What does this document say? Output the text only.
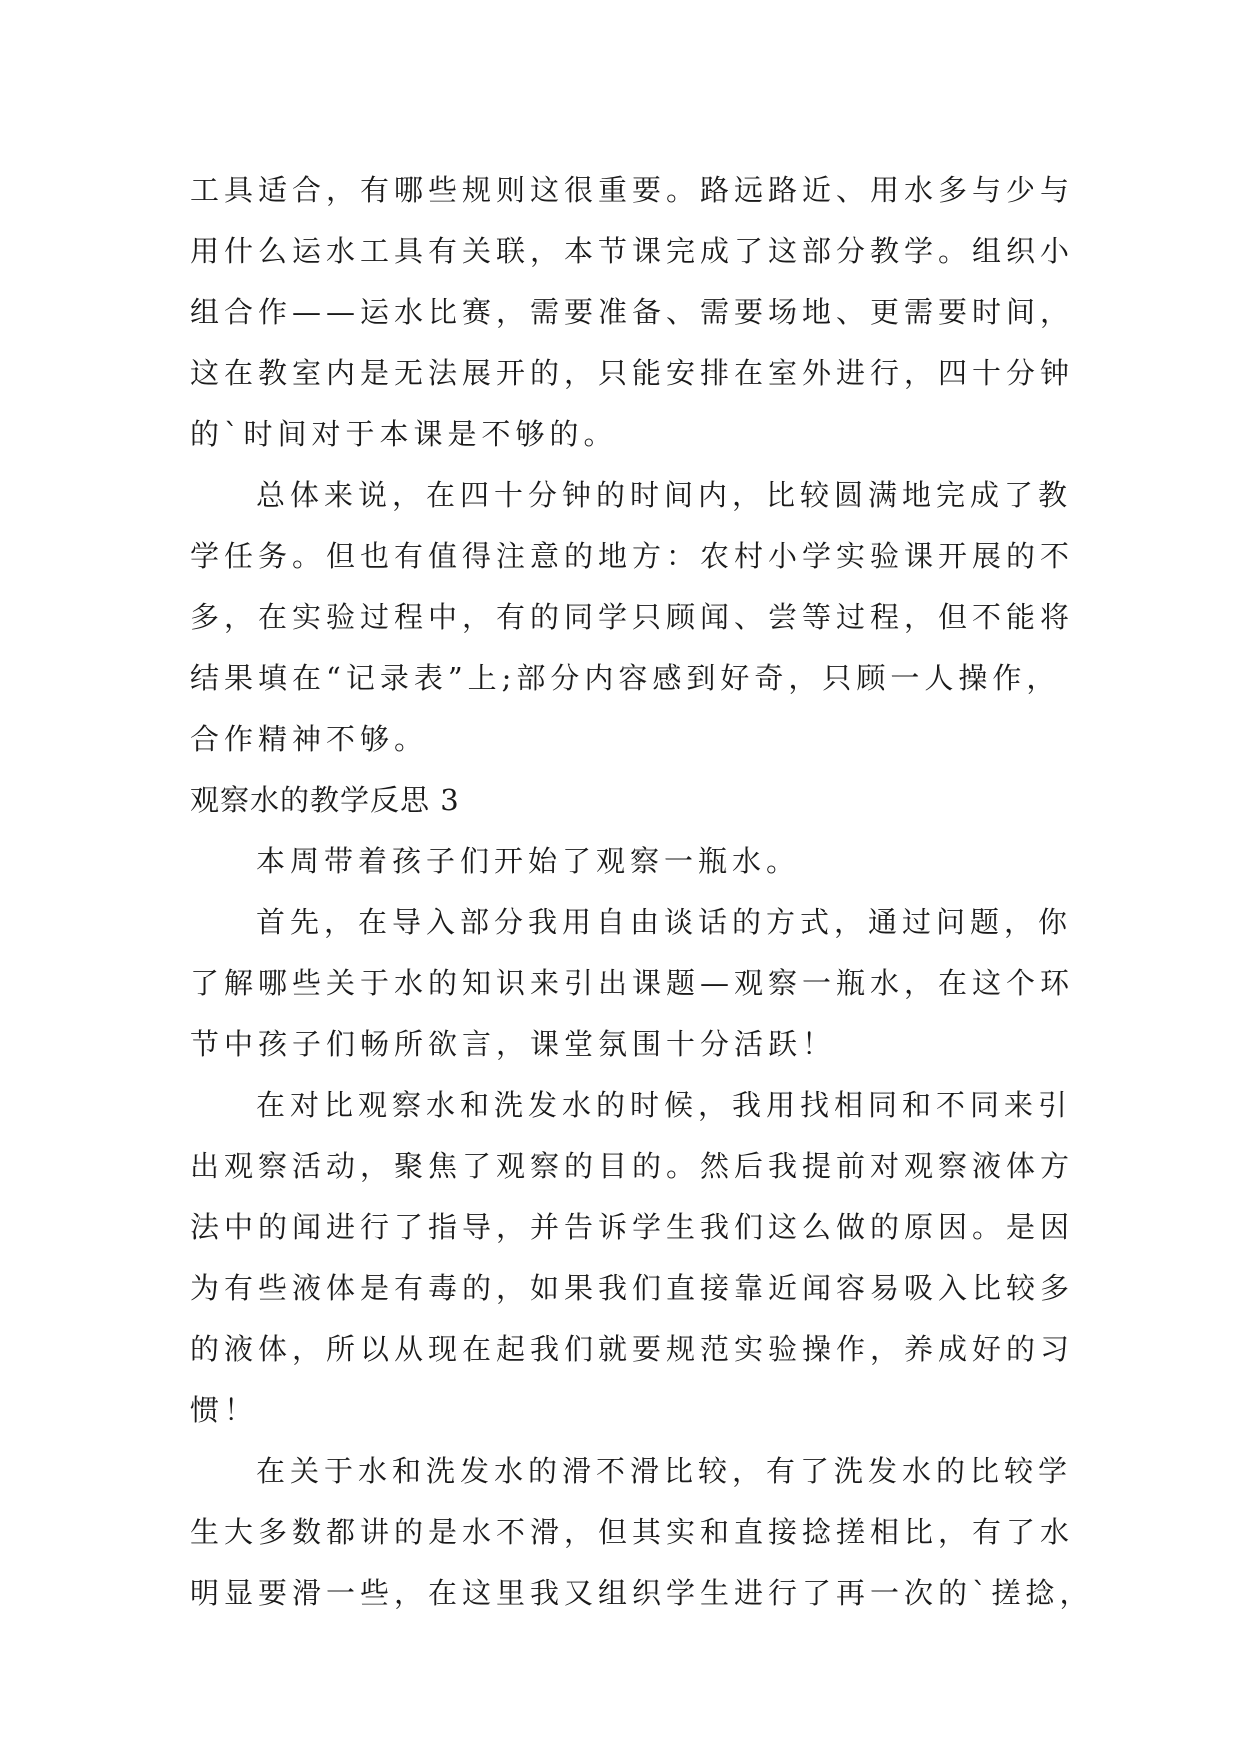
工具适合，有哪些规则这很重要。路远路近、用水多与少与
用什么运水工具有关联，本节课完成了这部分教学。组织小
组合作——运水比赛，需要准备、需要场地、更需要时间，
这在教室内是无法展开的，只能安排在室外进行，四十分钟
的`时间对于本课是不够的。
总体来说，在四十分钟的时间内，比较圆满地完成了教
学任务。但也有值得注意的地方：农村小学实验课开展的不
多，在实验过程中，有的同学只顾闻、尝等过程，但不能将
结果填在“记录表”上;部分内容感到好奇，只顾一人操作，
合作精神不够。
观察水的教学反思 3
本周带着孩子们开始了观察一瓶水。
首先，在导入部分我用自由谈话的方式，通过问题，你
了解哪些关于水的知识来引出课题—观察一瓶水，在这个环
节中孩子们畅所欲言，课堂氛围十分活跃！
在对比观察水和洗发水的时候，我用找相同和不同来引
出观察活动，聚焦了观察的目的。然后我提前对观察液体方
法中的闻进行了指导，并告诉学生我们这么做的原因。是因
为有些液体是有毒的，如果我们直接靠近闻容易吸入比较多
的液体，所以从现在起我们就要规范实验操作，养成好的习
惯！
在关于水和洗发水的滑不滑比较，有了洗发水的比较学
生大多数都讲的是水不滑，但其实和直接捻搓相比，有了水
明显要滑一些，在这里我又组织学生进行了再一次的`搓捻，
